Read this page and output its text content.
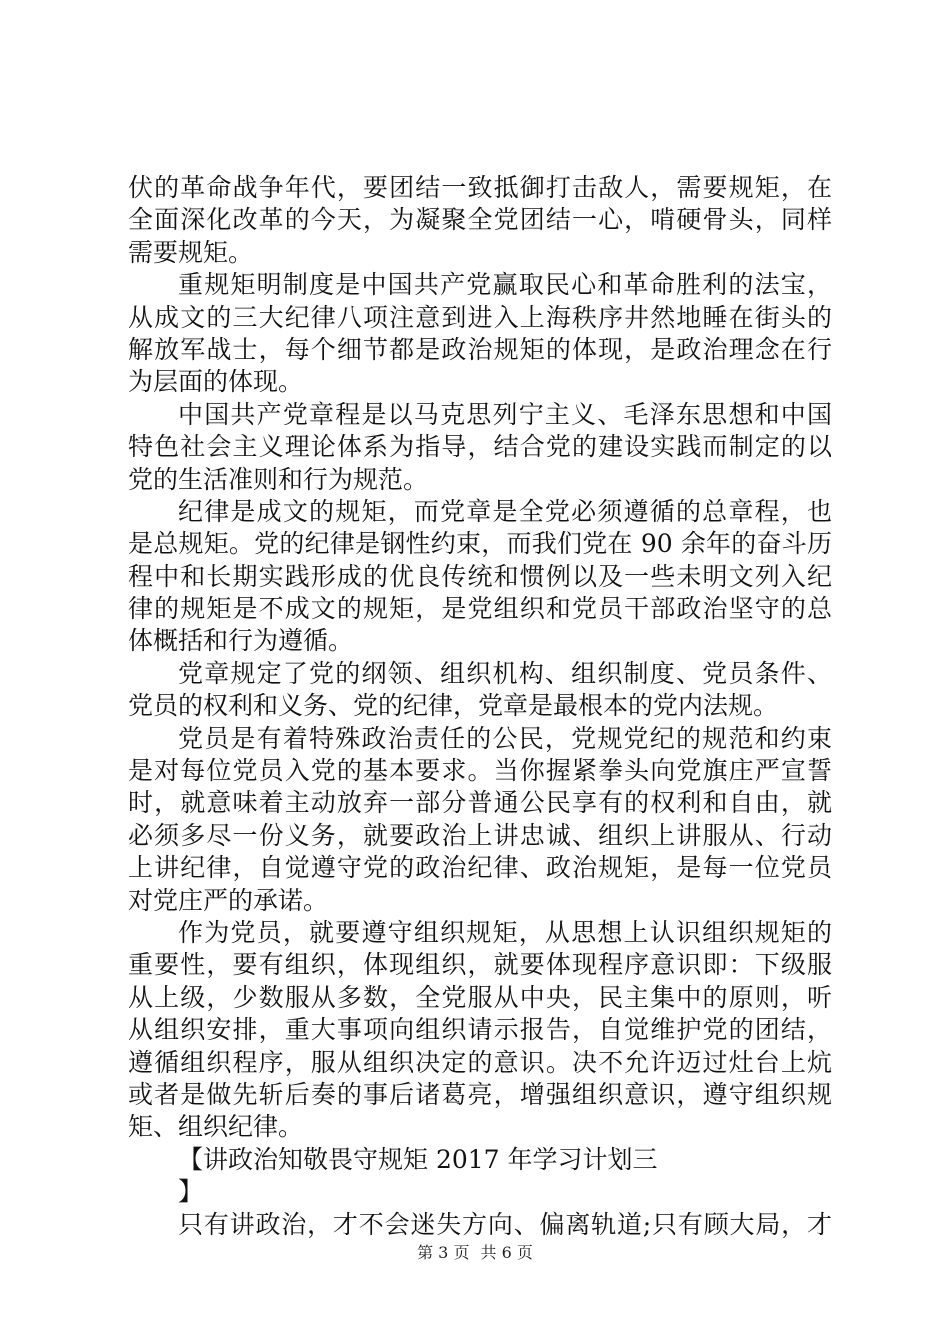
伏的革命战争年代，要团结一致抵御打击敌人，需要规矩，在
全面深化改革的今天，为凝聚全党团结一心，啃硬骨头，同样
需要规矩。
重规矩明制度是中国共产党赢取民心和革命胜利的法宝，
从成文的三大纪律八项注意到进入上海秩序井然地睡在街头的
解放军战士，每个细节都是政治规矩的体现，是政治理念在行
为层面的体现。
中国共产党章程是以马克思列宁主义、毛泽东思想和中国
特色社会主义理论体系为指导，结合党的建设实践而制定的以
党的生活准则和行为规范。
纪律是成文的规矩，而党章是全党必须遵循的总章程，也
是总规矩。党的纪律是钢性约束，而我们党在 90 余年的奋斗历
程中和长期实践形成的优良传统和惯例以及一些未明文列入纪
律的规矩是不成文的规矩，是党组织和党员干部政治坚守的总
体概括和行为遵循。
党章规定了党的纲领、组织机构、组织制度、党员条件、
党员的权利和义务、党的纪律，党章是最根本的党内法规。
党员是有着特殊政治责任的公民，党规党纪的规范和约束
是对每位党员入党的基本要求。当你握紧拳头向党旗庄严宣誓
时，就意味着主动放弃一部分普通公民享有的权利和自由，就
必须多尽一份义务，就要政治上讲忠诚、组织上讲服从、行动
上讲纪律，自觉遵守党的政治纪律、政治规矩，是每一位党员
对党庄严的承诺。
作为党员，就要遵守组织规矩，从思想上认识组织规矩的
重要性，要有组织，体现组织，就要体现程序意识即：下级服
从上级，少数服从多数，全党服从中央，民主集中的原则，听
从组织安排，重大事项向组织请示报告，自觉维护党的团结，
遵循组织程序，服从组织决定的意识。决不允许迈过灶台上炕
或者是做先斩后奏的事后诸葛亮，增强组织意识，遵守组织规
矩、组织纪律。
【讲政治知敬畏守规矩 2017 年学习计划三
】
只有讲政治，才不会迷失方向、偏离轨道;只有顾大局，才
第 3 页 共 6 页
